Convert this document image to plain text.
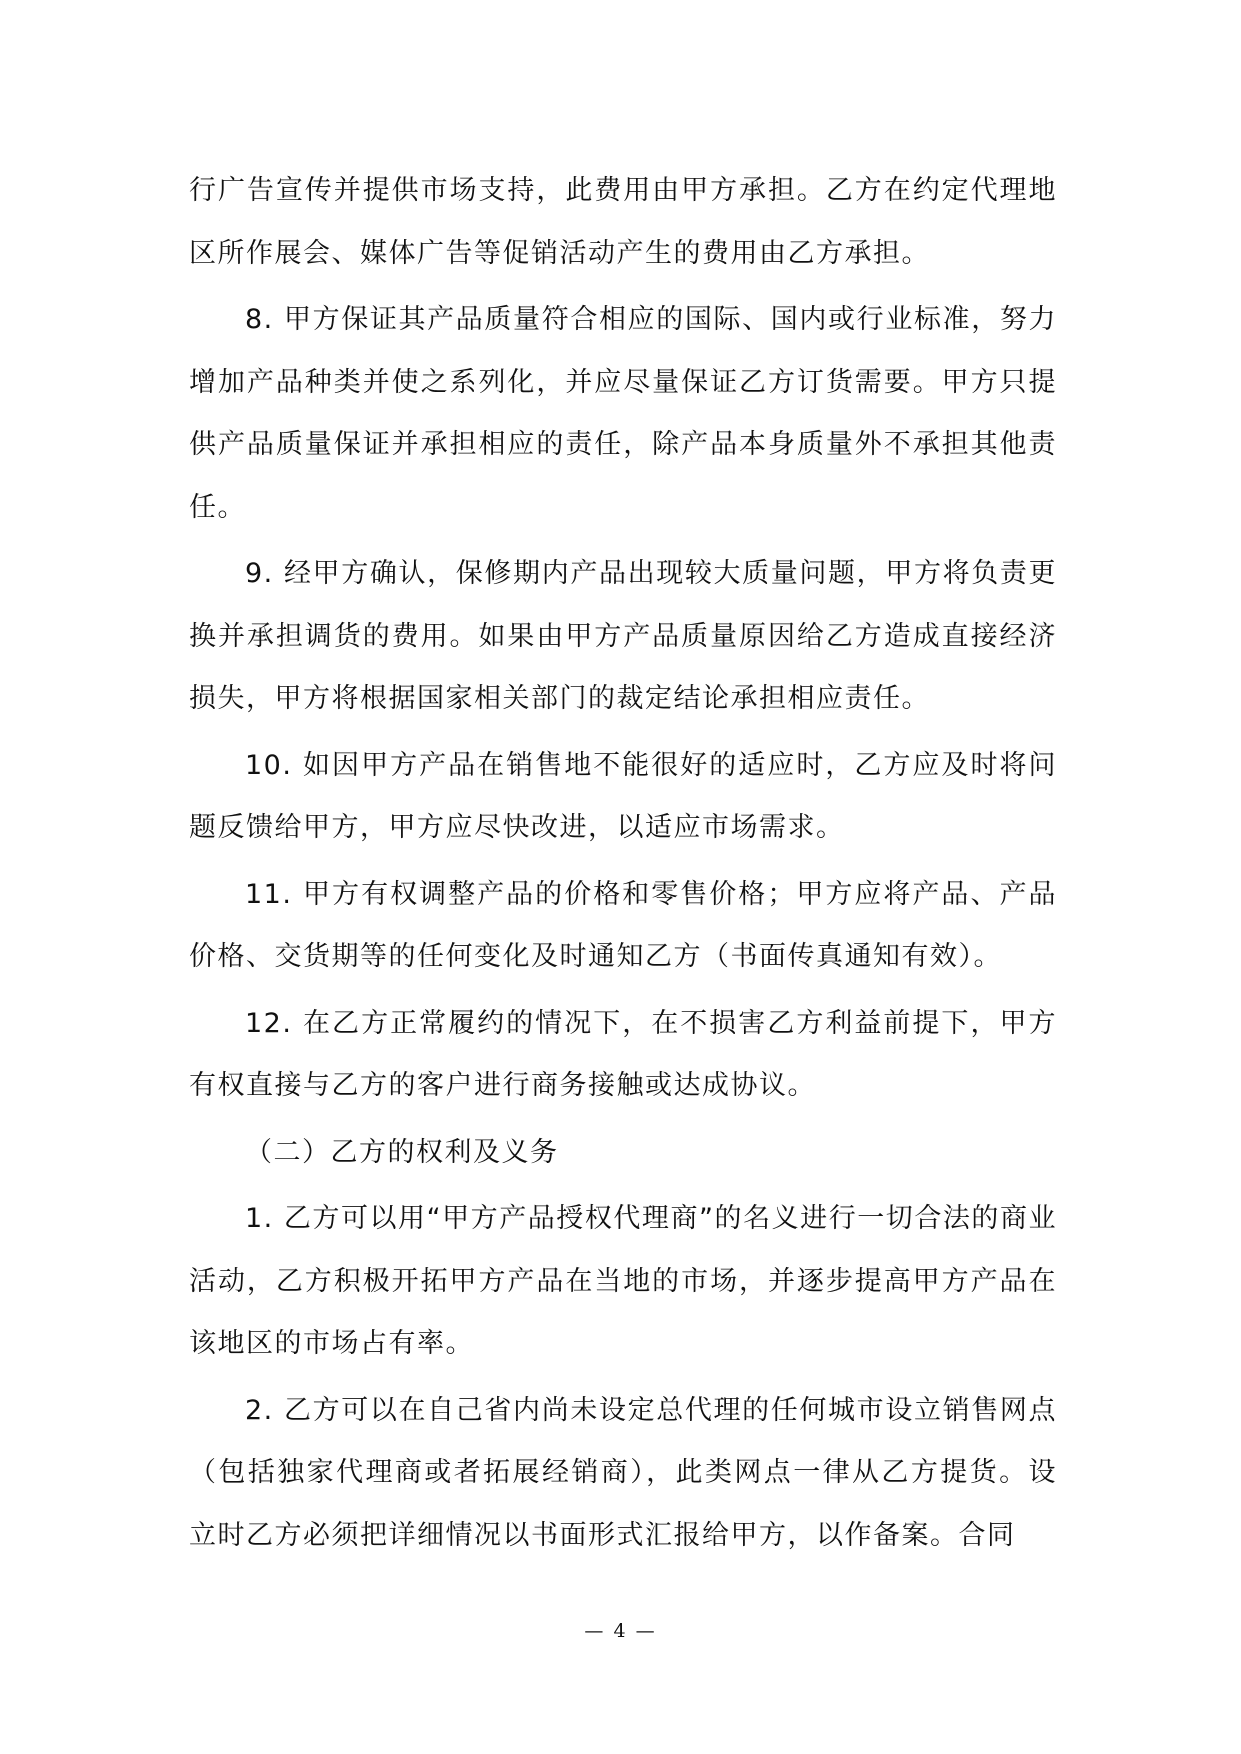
行广告宣传并提供市场支持，此费用由甲方承担。乙方在约定代理地区所作展会、媒体广告等促销活动产生的费用由乙方承担。

8. 甲方保证其产品质量符合相应的国际、国内或行业标准，努力增加产品种类并使之系列化，并应尽量保证乙方订货需要。甲方只提供产品质量保证并承担相应的责任，除产品本身质量外不承担其他责任。

9. 经甲方确认，保修期内产品出现较大质量问题，甲方将负责更换并承担调货的费用。如果由甲方产品质量原因给乙方造成直接经济损失，甲方将根据国家相关部门的裁定结论承担相应责任。

10. 如因甲方产品在销售地不能很好的适应时，乙方应及时将问题反馈给甲方，甲方应尽快改进，以适应市场需求。

11. 甲方有权调整产品的价格和零售价格；甲方应将产品、产品价格、交货期等的任何变化及时通知乙方（书面传真通知有效）。

12. 在乙方正常履约的情况下，在不损害乙方利益前提下，甲方有权直接与乙方的客户进行商务接触或达成协议。

（二）乙方的权利及义务

1. 乙方可以用“甲方产品授权代理商”的名义进行一切合法的商业活动，乙方积极开拓甲方产品在当地的市场，并逐步提高甲方产品在该地区的市场占有率。

2. 乙方可以在自己省内尚未设定总代理的任何城市设立销售网点（包括独家代理商或者拓展经销商），此类网点一律从乙方提货。设立时乙方必须把详细情况以书面形式汇报给甲方，以作备案。合同

— 4 —
